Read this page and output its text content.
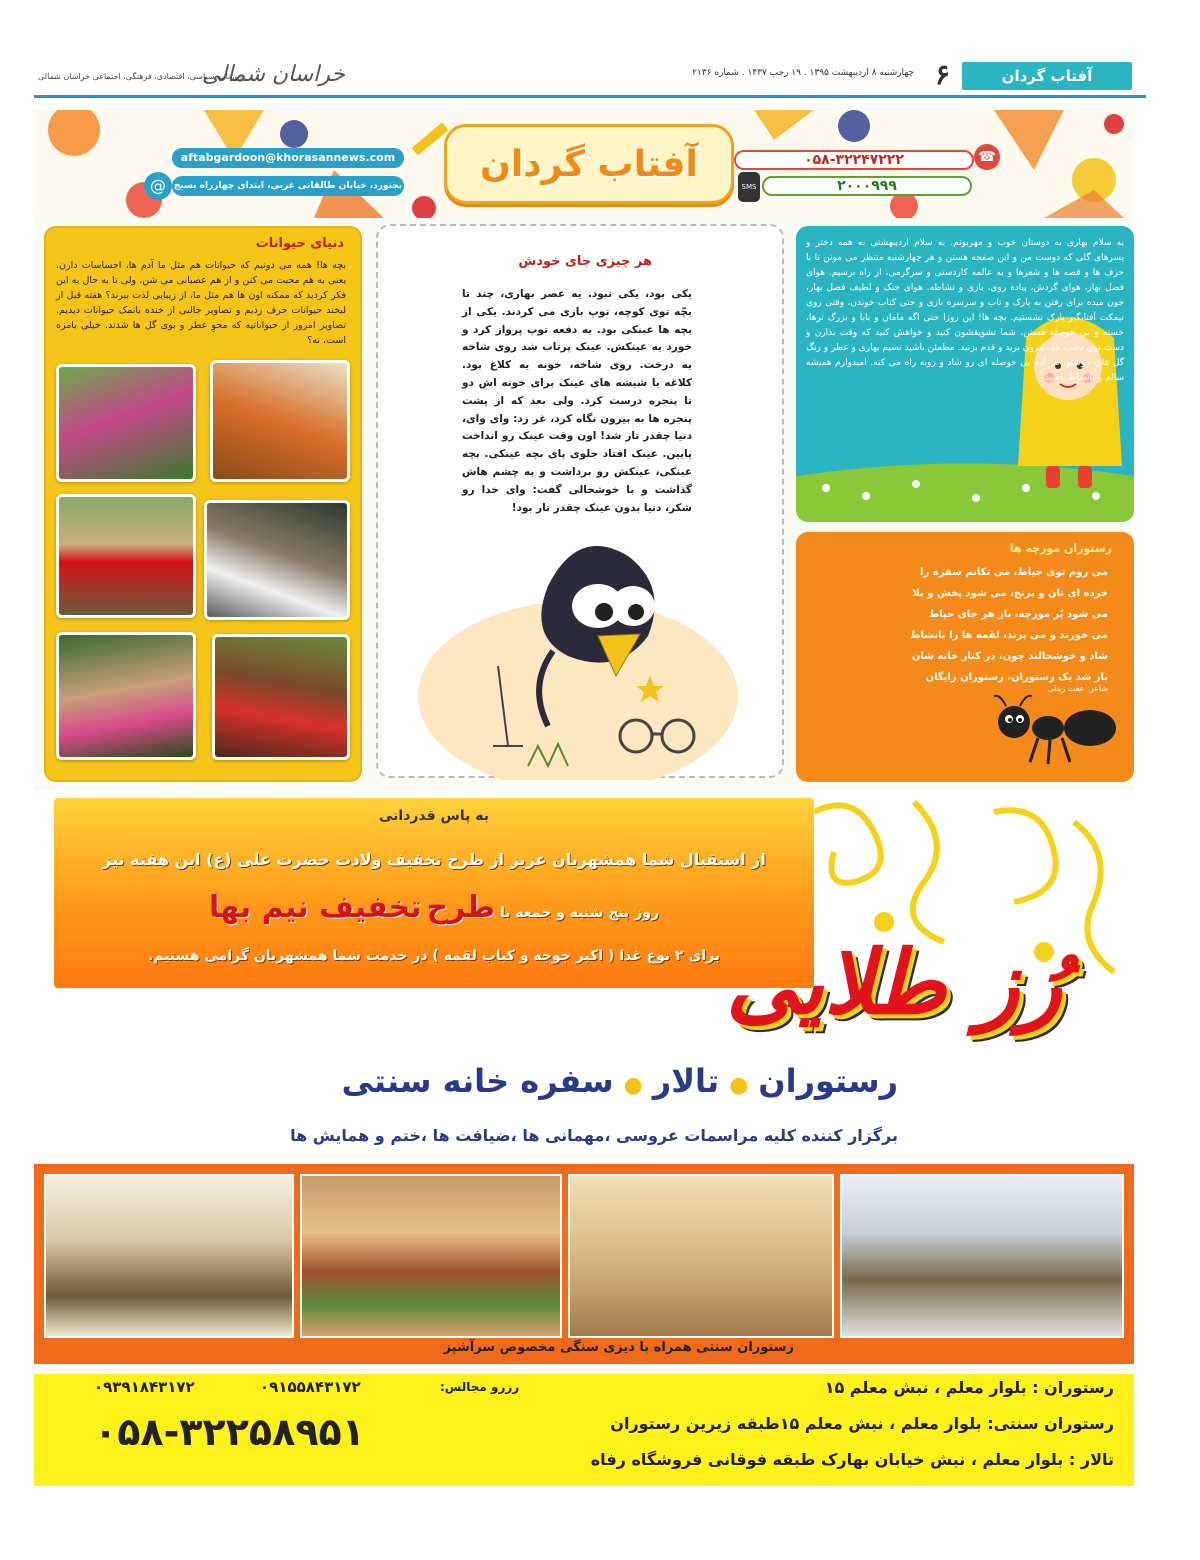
آفتاب گردان
۶
چهارشنبه ۸ اردیبهشت ۱۳۹۵ . ۱۹ رجب ۱۴۳۷ . شماره ۲۱۳۶
خراسان شمالی
روزنامه سیاسی، اقتصادی، فرهنگی، اجتماعی خراسان شمالی
آفتاب گردان	☎
۰۵۸-۳۲۲۴۷۲۲۲
SMS	۲۰۰۰۹۹۹
aftabgardoon@khorasannews.com
بجنورد، خیابان طالقانی غربی، ابتدای چهارراه بسیج
@
دنیای حیوانات
بچه ها! همه می دونیم که حیوانات هم مثل ما آدم ها، احساسات دارن. یعنی به هم محبت می کنن و از هم عصبانی می شن. ولی تا به حال به این فکر کردید که ممکنه اون ها هم مثل ما، از زیبایی لذت ببرند؟ هفته قبل از لبخند حیوانات حرف زدیم و تصاویر جالبی از خنده بانمک حیوانات دیدیم. تصاویر امروز از حیواناتیه که محوِ عطر و بوی گل ها شدند. خیلی بامزه است، نه؟
هر چیزی جای خودش
یکی بود، یکی نبود. یه عصر بهاری، چند تا بچّه توی کوچه، توپ بازی می کردند. یکی از بچه ها عینکی بود. یه دفعه توپ پرواز کرد و خورد به عینکش. عینک پرتاب شد روی شاخه یه درخت. روی شاخه، خونه یه کلاغ بود. کلاغه با شیشه های عینک برای خونه اش دو تا پنجره درست کرد. ولی بعد که از پشت پنجره ها به بیرون نگاه کرد، غر زد: وای وای، دنیا چقدر تار شد! اون وقت عینک رو انداخت پایین. عینک افتاد جلوی پای بچه عینکی. بچه عینکی، عینکش رو برداشت و به چشم هاش گذاشت و با خوشحالی گفت: وای خدا رو شکر، دنیا بدون عینک چقدر تار بود!
یه سلام بهاری به دوستان خوب و مهربونم. یه سلام اردیبهشتی به همه دختر و پسرهای گلی که دوست من و این صفحه هستن و هر چهارشنبه منتظر می مونن تا با حرف ها و قصه ها و شعرها و یه عالمه کاردستی و سرگرمی، از راه برسیم. هوای فصل بهار، هوای گردش، پیاده روی، بازی و نشاطه. هوای خنک و لطیف فصل بهار، جون میده برای رفتن به پارک و تاب و سرسره بازی و حتی کتاب خوندن، وقتی روی نیمکت آفتابگیر پارک نشستیم. بچه ها! این روزا حتی اگه مامان و بابا و بزرگ ترها، خسته و بی حوصله هستن، شما تشویقشون کنید و خواهش کنید که وقت بذارن و دست توی دست هم، بیرون برید و قدم بزنید. مطمئن باشید نسیم بهاری و عطر و رنگ گل های خوشبو، هر آدم بی حوصله ای رو شاد و روبه راه می کنه. امیدوارم همیشه سالم و بانشاط باشید.
رستوران مورچه ها
می روم توی حیاط، می تکانم سفره را
خرده ای نان و برنج، می شود پخش و پلا
می شود پُر مورچه، باز هر جای حیاط
می خورند و می برند، لقمه ها را بانشاط
شاد و خوشحالند چون، در کنار خانه شان
باز شد یک رستوران، رستوران رایگان
شاعر: عفت زینلی
به پاس قدردانی
از استقبال شما همشهریان عزیز از طرح تخفیف ولادت حضرت علی (ع) این هفته نیز
روز پنج شنبه و جمعه با طرح تخفیف نیم بها
برای ۲ نوع غذا ( اکبر جوجه و کباب لقمه ) در خدمت شما همشهریان گرامی هستیم. رُز طلایی
رستوران●تالار●سفره خانه سنتی
برگزار کننده کلیه مراسمات عروسی ،مهمانی ها ،ضیافت ها ،ختم و همایش ها
رستوران سنتی همراه با دیزی سنگی مخصوص سرآشپز
رستوران : بلوار معلم ، نبش معلم ۱۵
رستوران سنتی: بلوار معلم ، نبش معلم ۱۵طبقه زیرین رستوران
تالار : بلوار معلم ، نبش خیابان بهارک طبقه فوقانی فروشگاه رفاه
رزرو مجالس:
۰۹۱۵۵۸۴۳۱۷۲
۰۹۳۹۱۸۴۳۱۷۲
۰۵۸-۳۲۲۵۸۹۵۱
